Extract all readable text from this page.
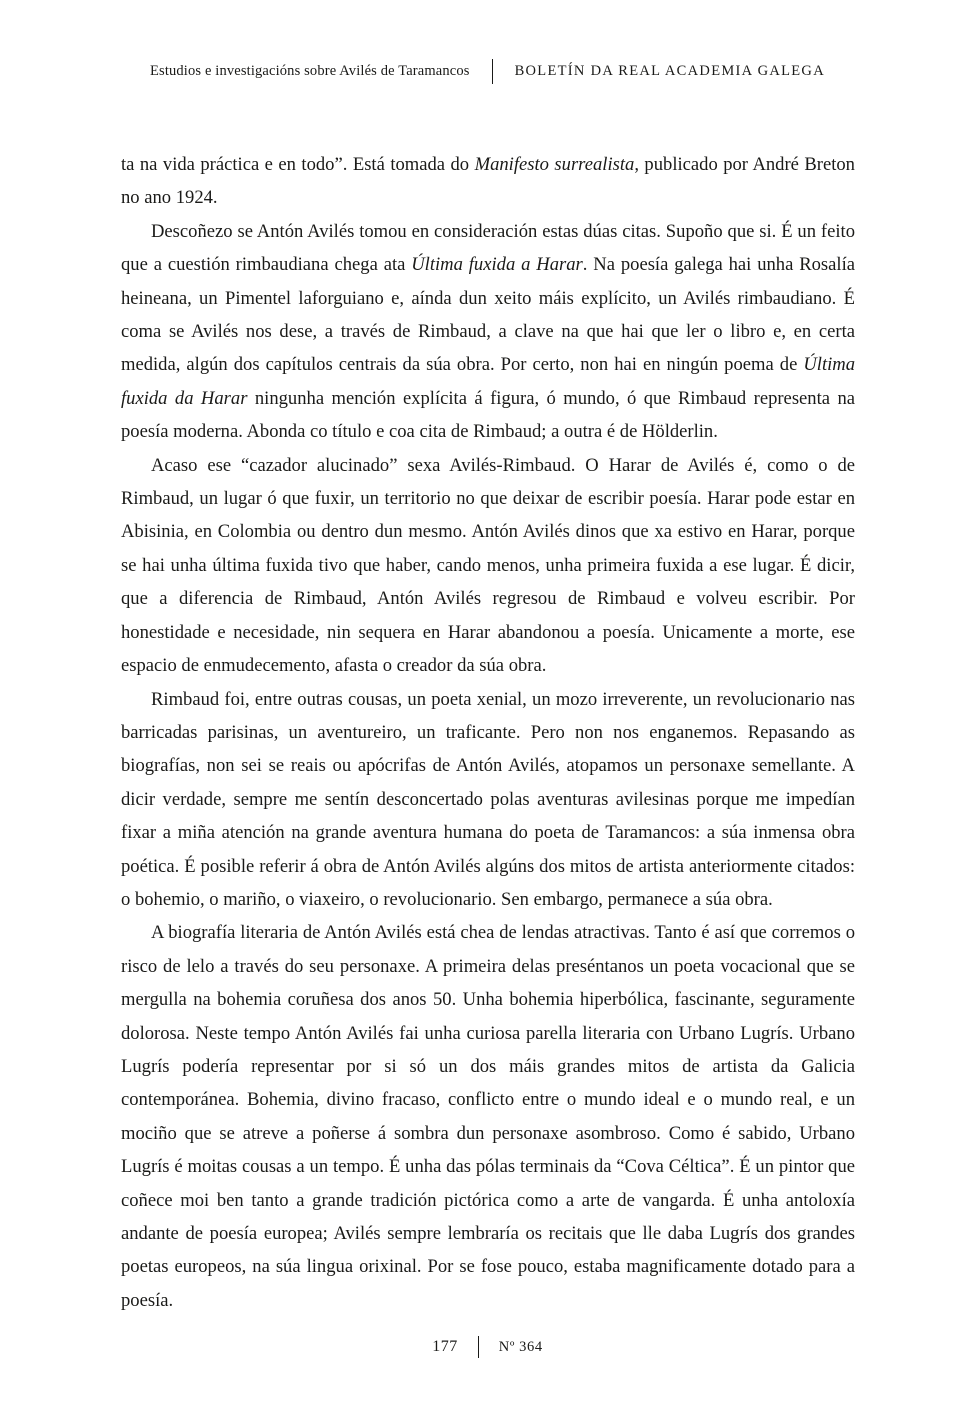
Estudios e investigacións sobre Avilés de Taramancos	BOLETÍN DA REAL ACADEMIA GALEGA

ta na vida práctica e en todo”. Está tomada do Manifesto surrealista, publicado por André Breton no ano 1924.

Descoñezo se Antón Avilés tomou en consideración estas dúas citas. Supoño que si. É un feito que a cuestión rimbaudiana chega ata Última fuxida a Harar. Na poesía galega hai unha Rosalía heineana, un Pimentel laforguiano e, aínda dun xeito máis explícito, un Avilés rimbaudiano. É coma se Avilés nos dese, a través de Rimbaud, a clave na que hai que ler o libro e, en certa medida, algún dos capítulos centrais da súa obra. Por certo, non hai en ningún poema de Última fuxida da Harar ningunha mención explícita á figura, ó mundo, ó que Rimbaud representa na poesía moderna. Abonda co título e coa cita de Rimbaud; a outra é de Hölderlin.

Acaso ese “cazador alucinado” sexa Avilés-Rimbaud. O Harar de Avilés é, como o de Rimbaud, un lugar ó que fuxir, un territorio no que deixar de escribir poesía. Harar pode estar en Abisinia, en Colombia ou dentro dun mesmo. Antón Avilés dinos que xa estivo en Harar, porque se hai unha última fuxida tivo que haber, cando menos, unha primeira fuxida a ese lugar. É dicir, que a diferencia de Rimbaud, Antón Avilés regresou de Rimbaud e volveu escribir. Por honestidade e necesidade, nin sequera en Harar abandonou a poesía. Unicamente a morte, ese espacio de enmudecemento, afasta o creador da súa obra.

Rimbaud foi, entre outras cousas, un poeta xenial, un mozo irreverente, un revolucionario nas barricadas parisinas, un aventureiro, un traficante. Pero non nos enganemos. Repasando as biografías, non sei se reais ou apócrifas de Antón Avilés, atopamos un personaxe semellante. A dicir verdade, sempre me sentín desconcertado polas aventuras avilesinas porque me impedían fixar a miña atención na grande aventura humana do poeta de Taramancos: a súa inmensa obra poética. É posible referir á obra de Antón Avilés algúns dos mitos de artista anteriormente citados: o bohemio, o mariño, o viaxeiro, o revolucionario. Sen embargo, permanece a súa obra.

A biografía literaria de Antón Avilés está chea de lendas atractivas. Tanto é así que corremos o risco de lelo a través do seu personaxe. A primeira delas preséntanos un poeta vocacional que se mergulla na bohemia coruñesa dos anos 50. Unha bohemia hiperbólica, fascinante, seguramente dolorosa. Neste tempo Antón Avilés fai unha curiosa parella literaria con Urbano Lugrís. Urbano Lugrís podería representar por si só un dos máis grandes mitos de artista da Galicia contemporánea. Bohemia, divino fracaso, conflicto entre o mundo ideal e o mundo real, e un mociño que se atreve a poñerse á sombra dun personaxe asombroso. Como é sabido, Urbano Lugrís é moitas cousas a un tempo. É unha das pólas terminais da “Cova Céltica”. É un pintor que coñece moi ben tanto a grande tradición pictórica como a arte de vangarda. É unha antoloxía andante de poesía europea; Avilés sempre lembraría os recitais que lle daba Lugrís dos grandes poetas europeos, na súa lingua orixinal. Por se fose pouco, estaba magnificamente dotado para a poesía.

177	Nº 364
